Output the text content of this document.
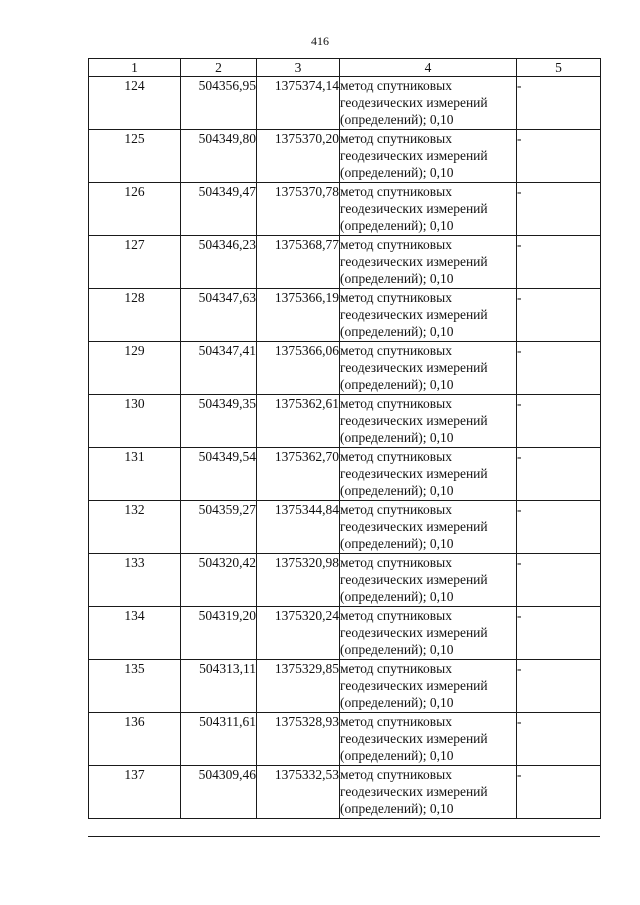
416
1	2	3	4	5
124	504356,95	1375374,14	метод спутниковых геодезических измерений (определений); 0,10	-
125	504349,80	1375370,20	метод спутниковых геодезических измерений (определений); 0,10	-
126	504349,47	1375370,78	метод спутниковых геодезических измерений (определений); 0,10	-
127	504346,23	1375368,77	метод спутниковых геодезических измерений (определений); 0,10	-
128	504347,63	1375366,19	метод спутниковых геодезических измерений (определений); 0,10	-
129	504347,41	1375366,06	метод спутниковых геодезических измерений (определений); 0,10	-
130	504349,35	1375362,61	метод спутниковых геодезических измерений (определений); 0,10	-
131	504349,54	1375362,70	метод спутниковых геодезических измерений (определений); 0,10	-
132	504359,27	1375344,84	метод спутниковых геодезических измерений (определений); 0,10	-
133	504320,42	1375320,98	метод спутниковых геодезических измерений (определений); 0,10	-
134	504319,20	1375320,24	метод спутниковых геодезических измерений (определений); 0,10	-
135	504313,11	1375329,85	метод спутниковых геодезических измерений (определений); 0,10	-
136	504311,61	1375328,93	метод спутниковых геодезических измерений (определений); 0,10	-
137	504309,46	1375332,53	метод спутниковых геодезических измерений (определений); 0,10	-
